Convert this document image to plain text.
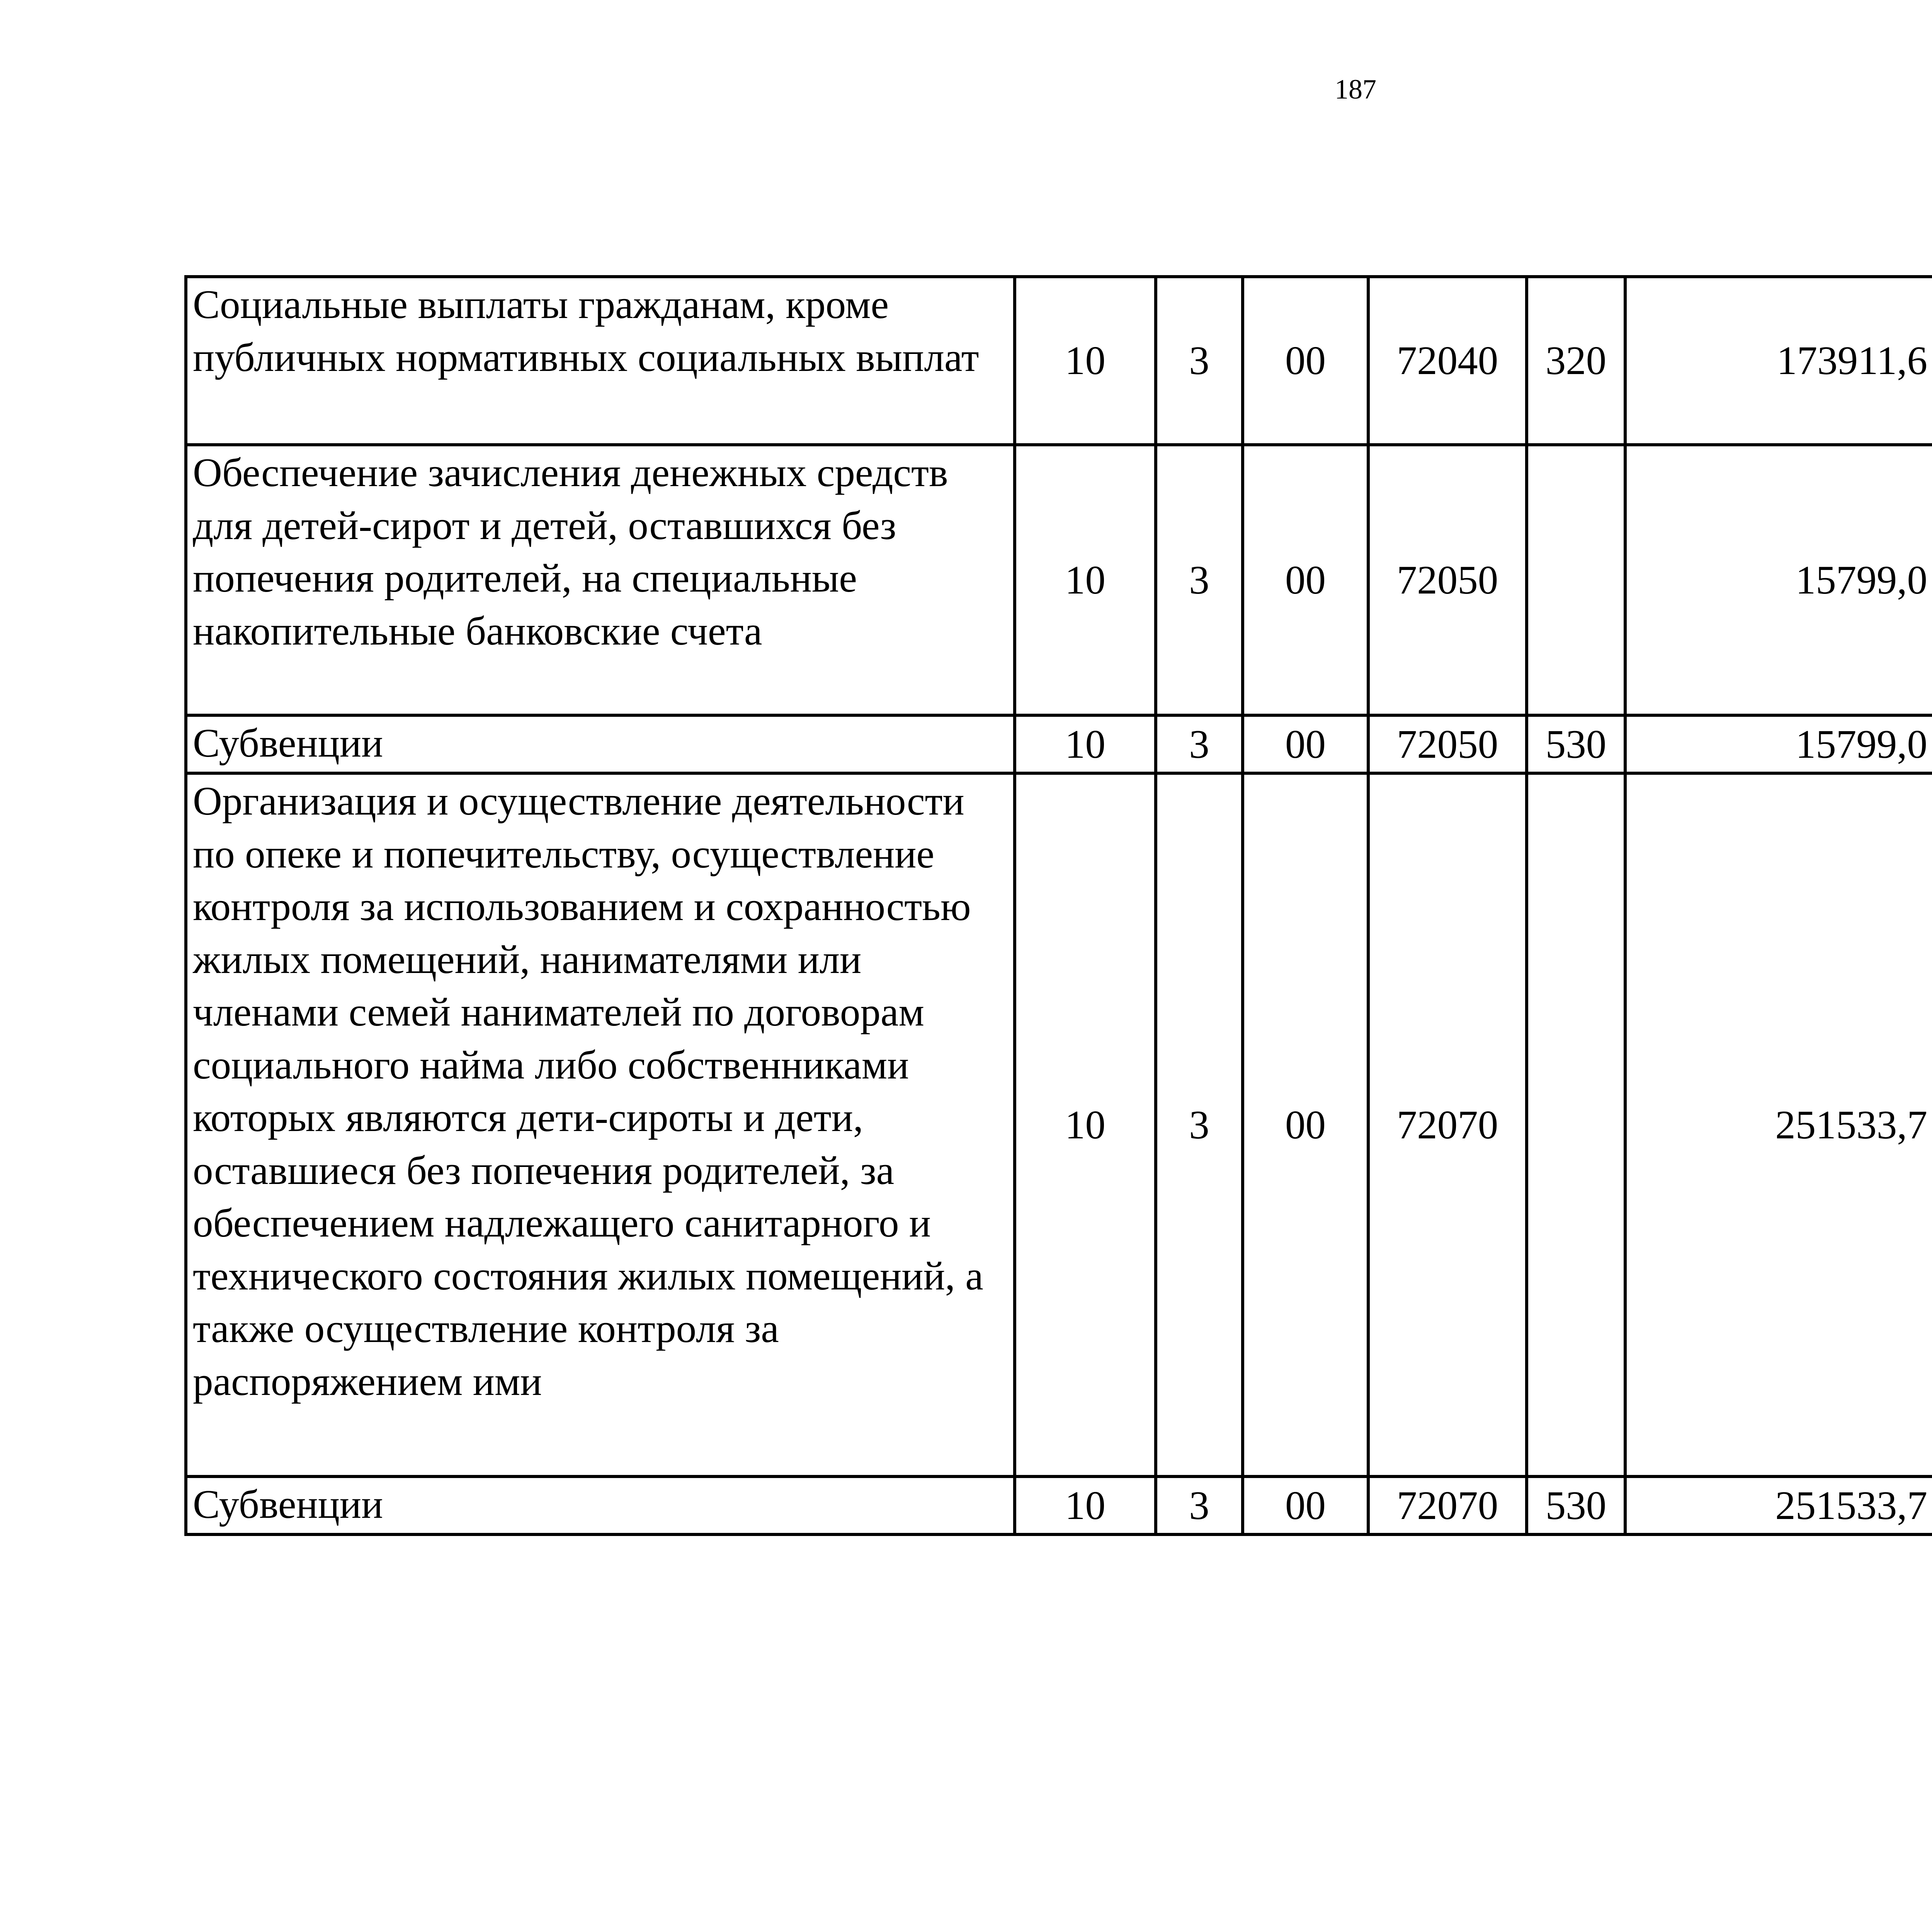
187
Социальные выплаты гражданам, кроме публичных нормативных социальных выплат	10	3	00	72040	320	173911,6		
Обеспечение зачисления денежных средств для детей-сирот и детей, оставшихся без попечения родителей, на специальные накопительные банковские счета	10	3	00	72050		15799,0		
Субвенции	10	3	00	72050	530	15799,0		
Организация и осуществление деятельности по опеке и попечительству, осуществление контроля за использованием и сохранностью жилых помещений, нанимателями или членами семей нанимателей по договорам социального найма либо собственниками которых являются дети-сироты и дети, оставшиеся без попечения родителей, за обеспечением надлежащего санитарного и технического состояния жилых помещений, а также осуществление контроля за распоряжением ими	10	3	00	72070		251533,7		
Субвенции	10	3	00	72070	530	251533,7		
